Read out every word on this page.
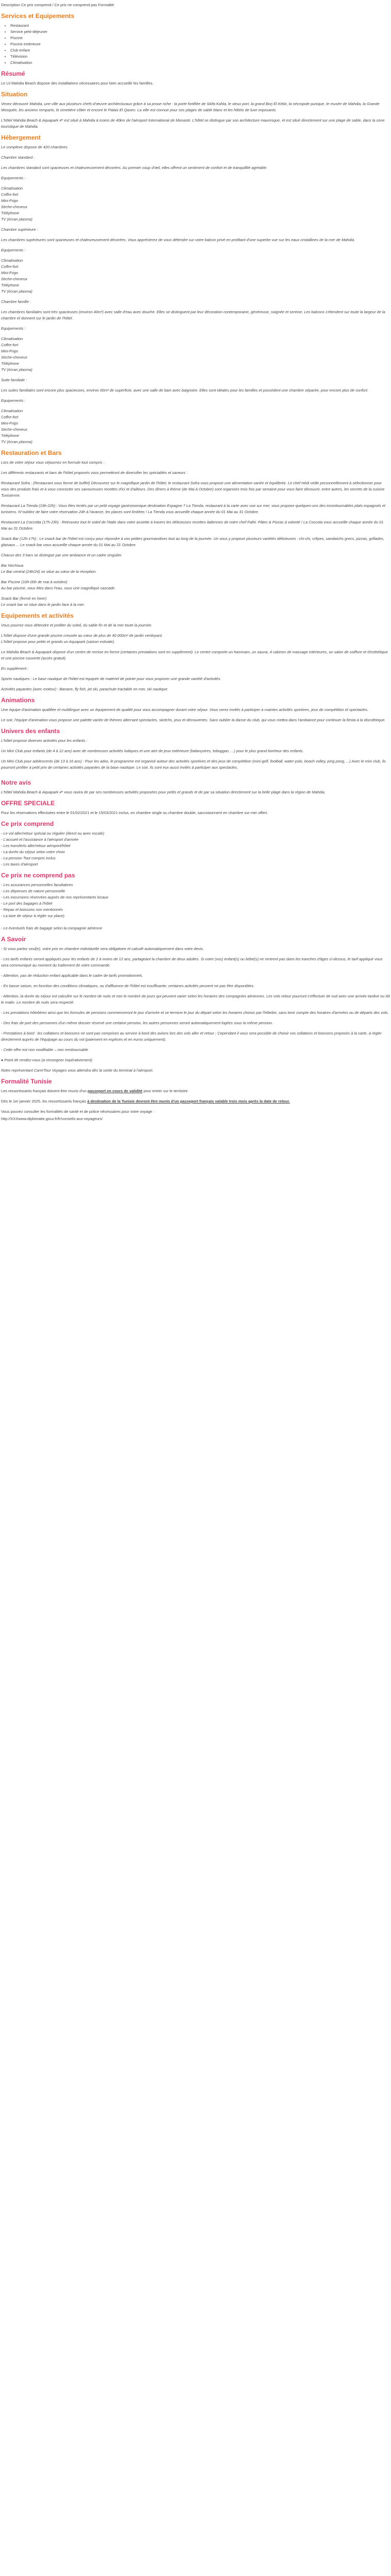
Description Ce prix comprend / Ce prix ne comprend pas Formalité
Services et Equipements
• Restaurant
• Service petit-déjeuner
• Piscine
• Piscine extérieure
• Club enfant
• Télévision
• Climatisation
Résumé

Le Lti Mahdia Beach dispose des installations nécessaires pour bien accueillir les familles.

Situation

Venez découvrir Mahdia, une ville aux plusieurs chefs-d'œuvre architecturaux grâce à sa proue riche : la porte fortifiée de Skifa Kahla, le vieux port, la grand Borj El Kébir, la nécropole punique, le musée de Mahdia, la Grande Mosquée, les anciens remparts, le cimetière côtier et encore le Palais El Qasen. La ville est connue pour ses plages de sable blanc et les hôtels de luxe imposants.

L'hôtel Mahdia Beach & Aquapark 4* est situé à Mahdia à moins de 40km de l'aéroport International de Monastir. L'hôtel se distingue par son architecture mauresque, et est situé directement sur une plage de sable, dans la zone touristique de Mahdia.

Hébergement

Le complexe dispose de 420 chambres.

Chambre standard :

Les chambres standard sont spacieuses et chaleureusement décorées. Au premier coup d'œil, elles offrent un sentiment de confort et de tranquillité agréable.

Equipements :

Climatisation
Coffre-fort
Mini-Frigo
Sèche-cheveux
Téléphone
TV (écran plasma)

Chambre supérieure :

Les chambres supérieures sont spacieuses et chaleureusement décorées. Vous apprécierez de vous détendre sur votre balcon privé en profitant d'une superbe vue sur les eaux cristallines de la mer de Mahdia.

Equipements :

Climatisation
Coffre-fort
Mini-Frigo
Sèche-cheveux
Téléphone
TV (écran plasma)

Chambre famille :

Les chambres familiales sont très spacieuses (environ 40m²) avec salle d'eau avec douche. Elles se distinguent par leur décoration contemporaine, généreuse, soignée et sereine. Les balcons s'étendent sur toute la largeur de la chambre et donnent sur le jardin de l'hôtel.

Equipements :

Climatisation
Coffre-fort
Mini-Frigo
Sèche-cheveux
Téléphone
TV (écran plasma)

Suite familiale :

Les suites familiales sont encore plus spacieuses, environ 60m² de superficie, avec une salle de bain avec baignoire. Elles sont idéales pour les familles et possèdent une chambre séparée, pour encore plus de confort.

Equipements :

Climatisation
Coffre-fort
Mini-Frigo
Sèche-cheveux
Téléphone
TV (écran plasma)
Restauration et Bars

Lors de votre séjour vous séjournez en formule tout compris :

Les différents restaurants et bars de l'hôtel proposés vous permettront de diversifier les spécialités et saveurs :

Restaurant Sofra : (Restaurant sous forme de buffet) Découvrez sur le magnifique jardin de l'hôtel, le restaurant Sofra vous propose une alimentation variée et équilibrée. Le chef Hédi veille personnellement à sélectionner pour vous des produits frais et à vous concocter ses savoureuses recettes d'ici et d'ailleurs. Des dîners à thème (de Mai à Octobre) sont organisés trois fois par semaine pour vous faire découvrir, entre autres, les secrets de la cuisine Tunisienne.

Restaurant La Tienda (19h-22h) : Vous êtes tentés par un petit voyage gastronomique destination Espagne ? La Tienda, restaurant à la carte avec vue sur mer, vous propose quelques-uns des incontournables plats espagnols et tunisiens. N°oubliez de faire votre réservation 24h à l'avance, les places sont limitées ! La Tienda vous accueille chaque année du 01 Mai au 31 Octobre.

Restaurant La Coccotta (17h-23h) : Retrouvez tout le soleil de l'Italie dans votre assiette à travers les délicieuses recettes italiennes de notre chef Fathi. Pâtes & Pizzas à volonté ! La Coccota vous accueille chaque année du 01 Mai au 31 Octobre.

Snack Bar (12h-17h) : Le snack bar de l'hôtel est conçu pour répondre à vos petites gourmandises tout au long de la journée. Un vous y propose plusieurs variétés délicieuses : chi-chi, crêpes, sandwichs grecs, pizzas, grillades, glaisaux ... Le snack bar vous accueille chaque année du 01 Mai au 31 Octobre.

Chacun des 3 bars se distingue par une ambiance et un cadre singulier.

Bar Nechoua
Le Bar central (24h/24) se situe au cœur de la réception.
Bar Piscine (10h-00h de mai à octobre)
Au bar piscine, vous êtes dans l'eau, sous une magnifique cascade.
Snack Bar (fermé en hiver)
Le snack bar se situe dans le jardin face à la mer.
Equipements et activités

Vous pourrez vous détendre et profiter du soleil, du sable fin et de la mer toute la journée.

L'hôtel dispose d'une grande piscine creusée au cœur de plus de 40 000m² de jardin verdoyant.
L'hôtel propose pour petits et grands un Aquapark (saison estivale).

Le Mahdia Beach & Aquapark dispose d'un centre de remise en forme (certaines prestations sont en supplément). Le centre comporte un hammam, un sauna, 4 cabines de massage intérieures, un salon de coiffure et d'esthétique et une piscine couverte (accès gratuit).

En supplément :

Sports nautiques : Le base nautique de l'hôtel est équipée de matériel de pointe pour vous proposer une grande variété d'activités.

Activités payantes (avec moteur) : Banane, fly fish, jet ski, parachute tractable en mer, ski nautique

Animations

Une équipe d'animation qualifiée et multilingue avec un équipement de qualité pour vous accompagner durant votre séjour. Vous serez invités à participer à maintes activités sportives, jeux de compétition et spectacles.

Le soir, l'équipe d'animation vous propose une palette variée de thèmes alternant spectacles, sketchs, jeux et découvertes. Sans oublier la danse du club, qui vous mettra dans l'ambiance pour continuer la fiesta à la discothèque.

Univers des enfants

L'hôtel propose diverses activités pour les enfants :

Un Mini Club pour enfants (de 4 à 12 ans) avec de nombreuses activités ludiques et une aire de jeux extérieure (balançoires, toboggan, ...) pour le plus grand bonheur des enfants.

Un Mini Club pour adolescents (de 13 à 16 ans) : Pour les ados, le programme est organisé autour des activités sportives et des jeux de compétition (mini-golf, football, water polo, beach volley, ping pong, ...) Avec le mini club, ils pourront profiter à petit prix de certaines activités payantes de la base nautique. Le soir, ils sont eux aussi invités à participer aux spectacles.

Notre avis

L'hôtel Mahdia Beach & Aquapark 4* vous ravira de par ses nombreuses activités proposées pour petits et grands et de par sa situation directement sur la belle plage dans la région de Mahdia.

OFFRE SPECIALE

Pour les réservations effectuées entre le 01/02/2021 et le 15/03/2021 inclus, en chambre single ou chambre double, saccoisonnent en chambre sur mer offert.

Ce prix comprend
- Le vol aller/retour spécial ou régulier (direct ou avec escale)
- L'accueil et l'assistance à l'aéroport d'arrivée
- Les transferts aller/retour aéroport/hôtel
- La durée du séjour selon votre choix
- La pension Tout compris inclus
- Les taxes d'aéroport
Ce prix ne comprend pas
- Les assurances personnelles facultatives
- Les dépenses de nature personnelle
- Les excursions réservées auprès de nos représentants locaux
- Le port des bagages à l'hôtel
- Repas et boissons non mentionnés
- La taxe de séjour à régler sur place)
- Le éventuels frais de bagage selon la compagnie aérienne
A Savoir

- Si vous partez seul(e), votre prix en chambre individuelle sera obligatoire et calculé automatiquement dans votre devis.

- Les tarifs enfants seront appliqués pour les enfants de 2 à moins de 12 ans, partageant la chambre de deux adultes. Si votre (vos) enfant(s) ou bébé(s) ne rentrent pas dans les tranches d'âges ci-dessus, le tarif appliqué vous sera communiqué au moment du traitement de votre commande.

- Attention, pas de réduction enfant applicable dans le cadre de tarifs promotionnels.

- En basse saison, en fonction des conditions climatiques, ou d'affluence de l'hôtel est insuffisante; certaines activités peuvent ne pas être disponibles.

- Attention, la durée du séjour est calculée sur le nombre de nuits et non le nombre de jours qui peuvent varier selon les horaires des compagnies aériennes. Les vols retour pourront s'effectuer de nuit avec une arrivée tardive ou tôt le matin. Le nombre de nuits sera respecté.

- Les prestations hôtelières ainsi que les formules de pensions commenceront le jour d'arrivée et se termine le jour du départ selon les horaires choisis par l'hôtelier, sans tenir compte des horaires d'arrivées ou de départs des vols.

- Des frais de port des personnes d'un même dossier réservé une certaine pension, les autres personnes seront automatiquement logées sous la même pension.

- Prestations à bord : les collations et boissons ne sont pas comprises au service à bord des avions lors des vols aller et retour ; Cependant il vous sera possible de choisir vos collations et boissons proposés à la carte, à régler directement auprès de l'équipage au cours du vol (paiement en espèces et en euros uniquement).

- Cette offre est non modifiable – non remboursable

● Point de rendez-vous (a renseigner impérativement)

Notre représentant CarreTour Voyages vous attendra dès la sortie du terminal à l'aéroport.

Formalité Tunisie

Les ressortissants français doivent être munis d'un passeport en cours de validité pour entrer sur le territoire.

Dès le 1er janvier 2025, les ressortissants français à destination de la Tunisie devront être munis d'un passeport français valable trois mois après la date de retour.

Vous pouvez consulter les formalités de santé et de police nécessaires pour votre voyage :

http://XXXwww.diplomatie.gouv.fr/fr/conseils-aux-voyageurs/
